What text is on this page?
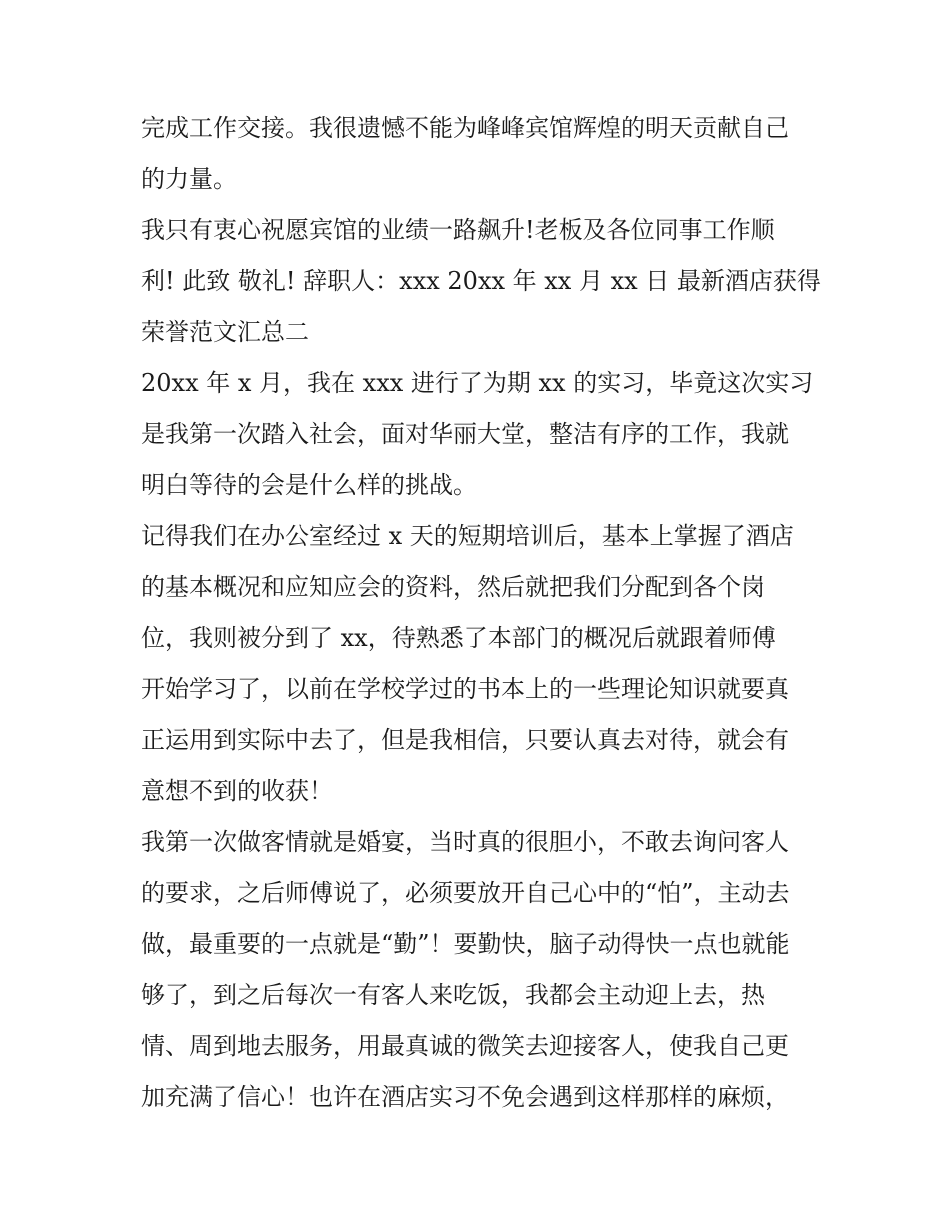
完成工作交接。我很遗憾不能为峰峰宾馆辉煌的明天贡献自己
的力量。
我只有衷心祝愿宾馆的业绩一路飙升!老板及各位同事工作顺
利! 此致 敬礼! 辞职人：xxx 20xx 年 xx 月 xx 日 最新酒店获得
荣誉范文汇总二
20xx 年 x 月，我在 xxx 进行了为期 xx 的实习，毕竟这次实习
是我第一次踏入社会，面对华丽大堂，整洁有序的工作，我就
明白等待的会是什么样的挑战。
记得我们在办公室经过 x 天的短期培训后，基本上掌握了酒店
的基本概况和应知应会的资料，然后就把我们分配到各个岗
位，我则被分到了 xx，待熟悉了本部门的概况后就跟着师傅
开始学习了，以前在学校学过的书本上的一些理论知识就要真
正运用到实际中去了，但是我相信，只要认真去对待，就会有
意想不到的收获！
我第一次做客情就是婚宴，当时真的很胆小，不敢去询问客人
的要求，之后师傅说了，必须要放开自己心中的“怕”，主动去
做，最重要的一点就是“勤”！要勤快，脑子动得快一点也就能
够了，到之后每次一有客人来吃饭，我都会主动迎上去，热
情、周到地去服务，用最真诚的微笑去迎接客人，使我自己更
加充满了信心！也许在酒店实习不免会遇到这样那样的麻烦，
